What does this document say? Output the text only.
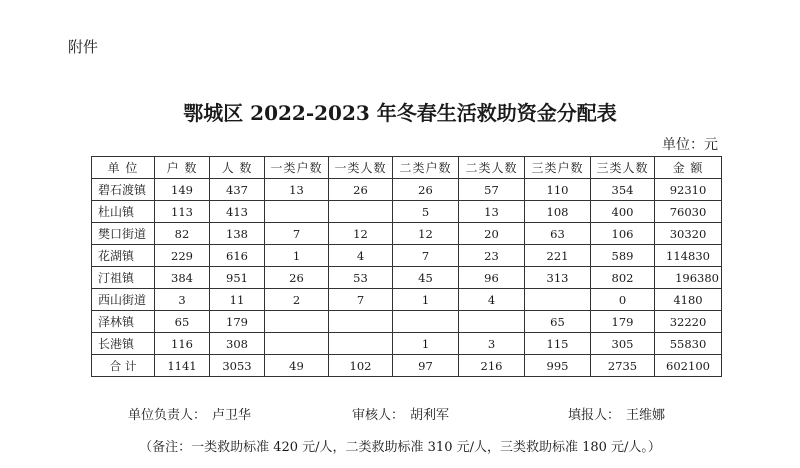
附件
鄂城区 2022-2023 年冬春生活救助资金分配表
单位：元
单 位	户 数	人 数	一类户数	一类人数	二类户数	二类人数	三类户数	三类人数	金 额
碧石渡镇	149	437	13	26	26	57	110	354	92310
杜山镇	113	413			5	13	108	400	76030
樊口街道	82	138	7	12	12	20	63	106	30320
花湖镇	229	616	1	4	7	23	221	589	114830
汀祖镇	384	951	26	53	45	96	313	802	196380
西山街道	3	11	2	7	1	4		0	4180
泽林镇	65	179					65	179	32220
长港镇	116	308			1	3	115	305	55830
合 计	1141	3053	49	102	97	216	995	2735	602100
单位负责人： 卢卫华	审核人： 胡利军	填报人： 王维娜
（备注：一类救助标准 420 元/人，二类救助标准 310 元/人，三类救助标准 180 元/人。）
